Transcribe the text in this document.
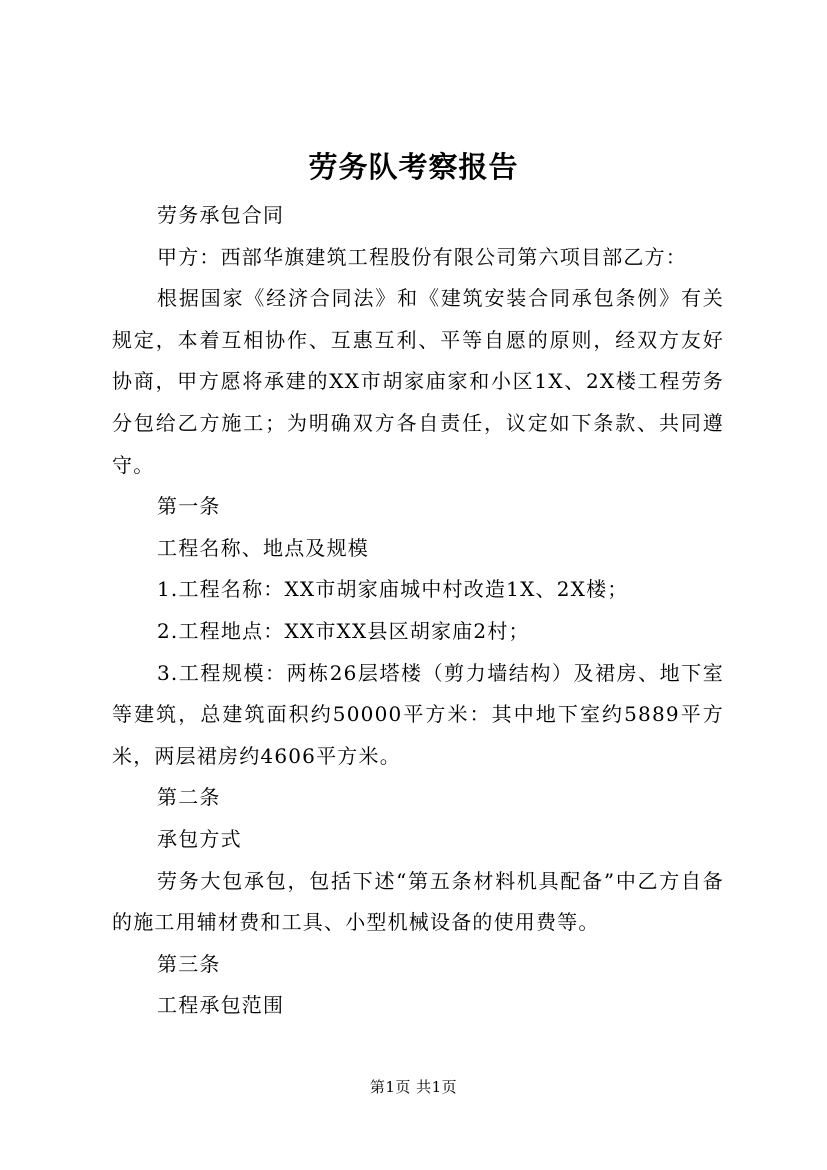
劳务队考察报告

劳务承包合同

甲方：西部华旗建筑工程股份有限公司第六项目部乙方：

根据国家《经济合同法》和《建筑安装合同承包条例》有关规定，本着互相协作、互惠互利、平等自愿的原则，经双方友好协商，甲方愿将承建的XX市胡家庙家和小区1X、2X楼工程劳务分包给乙方施工；为明确双方各自责任，议定如下条款、共同遵守。

第一条

工程名称、地点及规模

1.工程名称：XX市胡家庙城中村改造1X、2X楼；

2.工程地点：XX市XX县区胡家庙2村；

3.工程规模：两栋26层塔楼（剪力墙结构）及裙房、地下室等建筑，总建筑面积约50000平方米：其中地下室约5889平方米，两层裙房约4606平方米。

第二条

承包方式

劳务大包承包，包括下述“第五条材料机具配备”中乙方自备的施工用辅材费和工具、小型机械设备的使用费等。

第三条

工程承包范围

第1页 共1页
